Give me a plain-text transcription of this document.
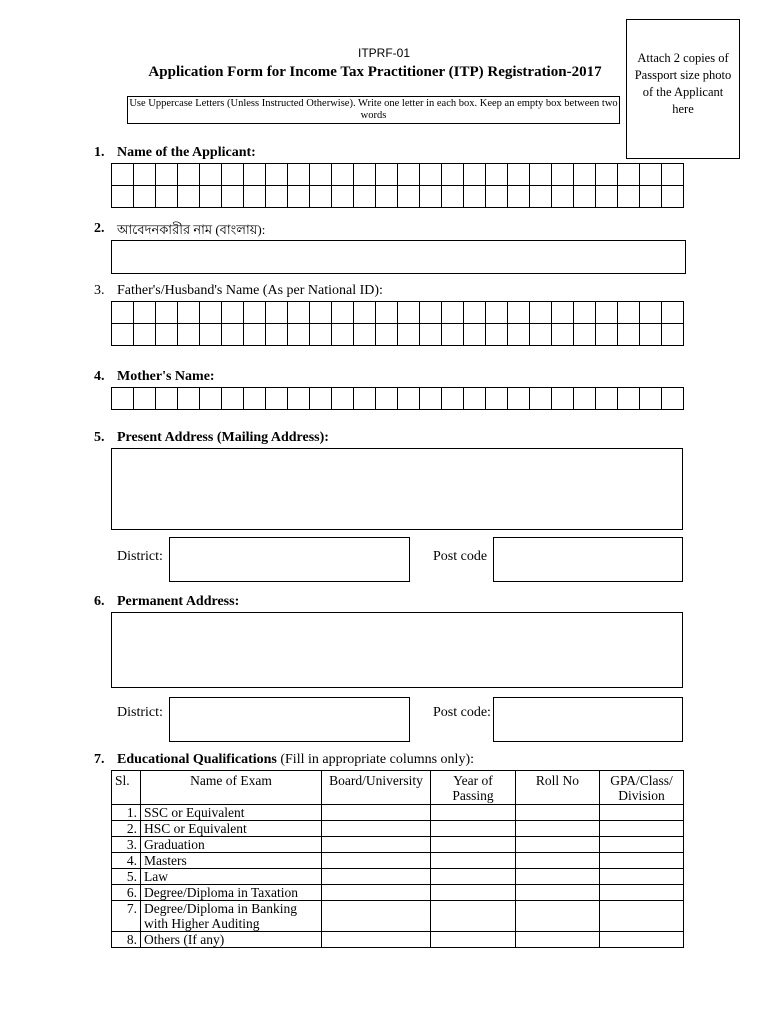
ITPRF-01
Application Form for Income Tax Practitioner (ITP) Registration-2017
Use Uppercase Letters (Unless Instructed Otherwise). Write one letter in each box. Keep an empty box between two words
Attach 2 copies of Passport size photo of the Applicant here
1. Name of the Applicant:

2. আবেদনকারীর নাম (বাংলায়):
3. Father's/Husband's Name (As per National ID):

4. Mother's Name:

5. Present Address (Mailing Address):
District:	Post code
6. Permanent Address:
District:	Post code:
7. Educational Qualifications (Fill in appropriate columns only):
Sl.	Name of Exam	Board/University	Year of Passing	Roll No	GPA/Class/ Division
1.	SSC or Equivalent				
2.	HSC or Equivalent				
3.	Graduation				
4.	Masters				
5.	Law				
6.	Degree/Diploma in Taxation				
7.	Degree/Diploma in Banking with Higher Auditing				
8.	Others (If any)				
